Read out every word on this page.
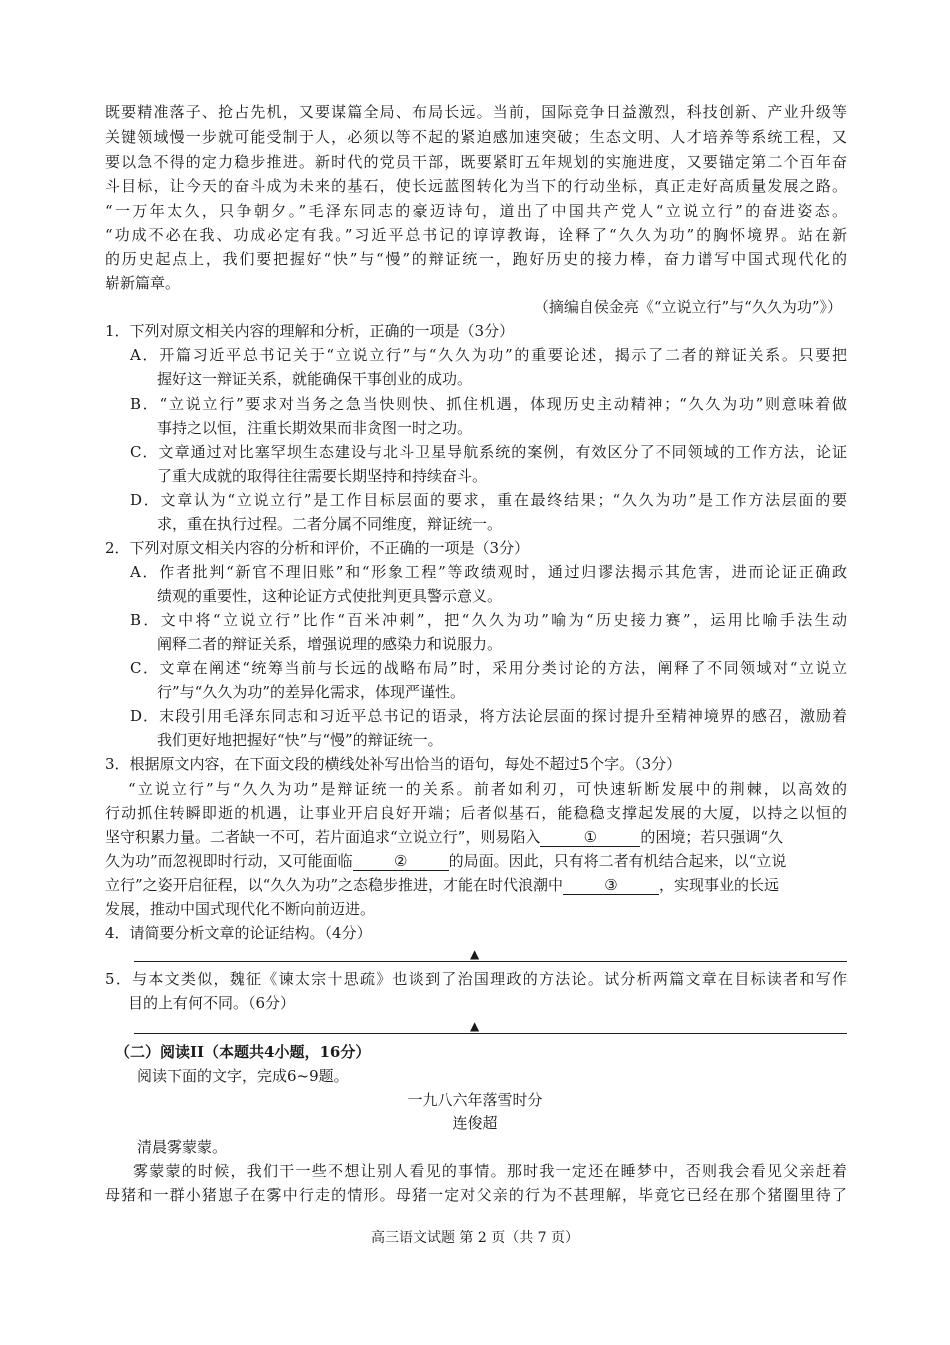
既要精准落子、抢占先机，又要谋篇全局、布局长远。当前，国际竞争日益激烈，科技创新、产业升级等
关键领域慢一步就可能受制于人，必须以等不起的紧迫感加速突破；生态文明、人才培养等系统工程，又
要以急不得的定力稳步推进。新时代的党员干部，既要紧盯五年规划的实施进度，又要锚定第二个百年奋
斗目标，让今天的奋斗成为未来的基石，使长远蓝图转化为当下的行动坐标，真正走好高质量发展之路。
“一万年太久，只争朝夕。”毛泽东同志的豪迈诗句，道出了中国共产党人“立说立行”的奋进姿态。
“功成不必在我、功成必定有我。”习近平总书记的谆谆教诲，诠释了“久久为功”的胸怀境界。站在新
的历史起点上，我们要把握好“快”与“慢”的辩证统一，跑好历史的接力棒，奋力谱写中国式现代化的
崭新篇章。
（摘编自侯金亮《“立说立行”与“久久为功”》）
1．下列对原文相关内容的理解和分析，正确的一项是（3分）
A．开篇习近平总书记关于“立说立行”与“久久为功”的重要论述，揭示了二者的辩证关系。只要把
握好这一辩证关系，就能确保干事创业的成功。
B．“立说立行”要求对当务之急当快则快、抓住机遇，体现历史主动精神；“久久为功”则意味着做
事持之以恒，注重长期效果而非贪图一时之功。
C．文章通过对比塞罕坝生态建设与北斗卫星导航系统的案例，有效区分了不同领域的工作方法，论证
了重大成就的取得往往需要长期坚持和持续奋斗。
D．文章认为“立说立行”是工作目标层面的要求，重在最终结果；“久久为功”是工作方法层面的要
求，重在执行过程。二者分属不同维度，辩证统一。
2．下列对原文相关内容的分析和评价，不正确的一项是（3分）
A．作者批判“新官不理旧账”和“形象工程”等政绩观时，通过归谬法揭示其危害，进而论证正确政
绩观的重要性，这种论证方式使批判更具警示意义。
B．文中将“立说立行”比作“百米冲刺”，把“久久为功”喻为“历史接力赛”，运用比喻手法生动
阐释二者的辩证关系，增强说理的感染力和说服力。
C．文章在阐述“统筹当前与长远的战略布局”时，采用分类讨论的方法，阐释了不同领域对“立说立
行”与“久久为功”的差异化需求，体现严谨性。
D．末段引用毛泽东同志和习近平总书记的语录，将方法论层面的探讨提升至精神境界的感召，激励着
我们更好地把握好“快”与“慢”的辩证统一。
3．根据原文内容，在下面文段的横线处补写出恰当的语句，每处不超过5个字。（3分）
“立说立行”与“久久为功”是辩证统一的关系。前者如利刃，可快速斩断发展中的荆棘，以高效的
行动抓住转瞬即逝的机遇，让事业开启良好开端；后者似基石，能稳稳支撑起发展的大厦，以持之以恒的
坚守积累力量。二者缺一不可，若片面追求“立说立行”，则易陷入	①	的困境；若只强调“久
久为功”而忽视即时行动，又可能面临	②	的局面。因此，只有将二者有机结合起来，以“立说
立行”之姿开启征程，以“久久为功”之态稳步推进，才能在时代浪潮中	③	，实现事业的长远
发展，推动中国式现代化不断向前迈进。
4．请简要分析文章的论证结构。（4分）
▲
5．与本文类似，魏征《谏太宗十思疏》也谈到了治国理政的方法论。试分析两篇文章在目标读者和写作
目的上有何不同。（6分）
▲
（二）阅读II（本题共4小题，16分）
阅读下面的文字，完成6~9题。
一九八六年落雪时分
连俊超
清晨雾蒙蒙。
雾蒙蒙的时候，我们干一些不想让别人看见的事情。那时我一定还在睡梦中，否则我会看见父亲赶着
母猪和一群小猪崽子在雾中行走的情形。母猪一定对父亲的行为不甚理解，毕竟它已经在那个猪圈里待了
高三语文试题 第 2 页（共 7 页）
